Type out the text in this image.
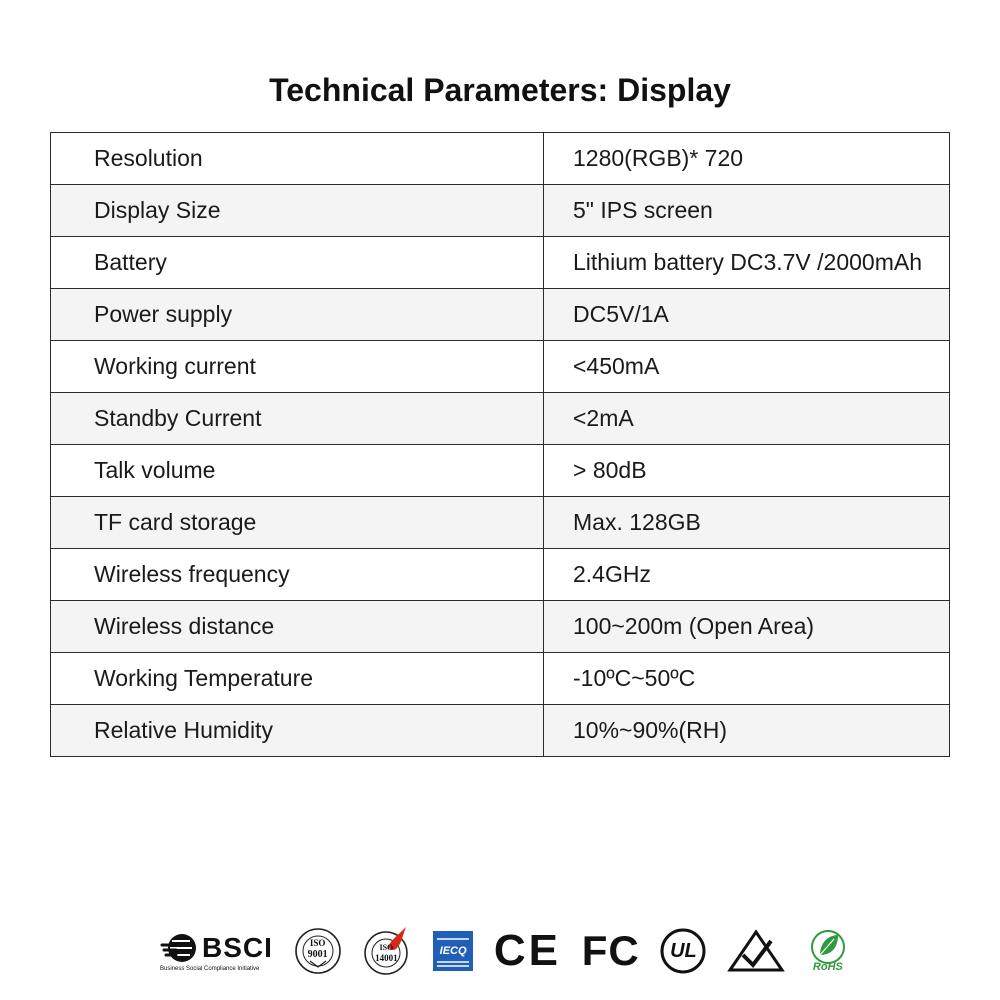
Technical Parameters: Display
Resolution	1280(RGB)* 720
Display Size	5" IPS screen
Battery	Lithium battery DC3.7V /2000mAh
Power supply	DC5V/1A
Working current	<450mA
Standby Current	<2mA
Talk volume	> 80dB
TF card storage	Max. 128GB
Wireless frequency	2.4GHz
Wireless distance	100~200m (Open Area)
Working Temperature	-10ºC~50ºC
Relative Humidity	10%~90%(RH)
BSCI
Business Social Compliance Initiative
ISO
9001
ISO
14001
IECQ CE FC UL
RoHS
